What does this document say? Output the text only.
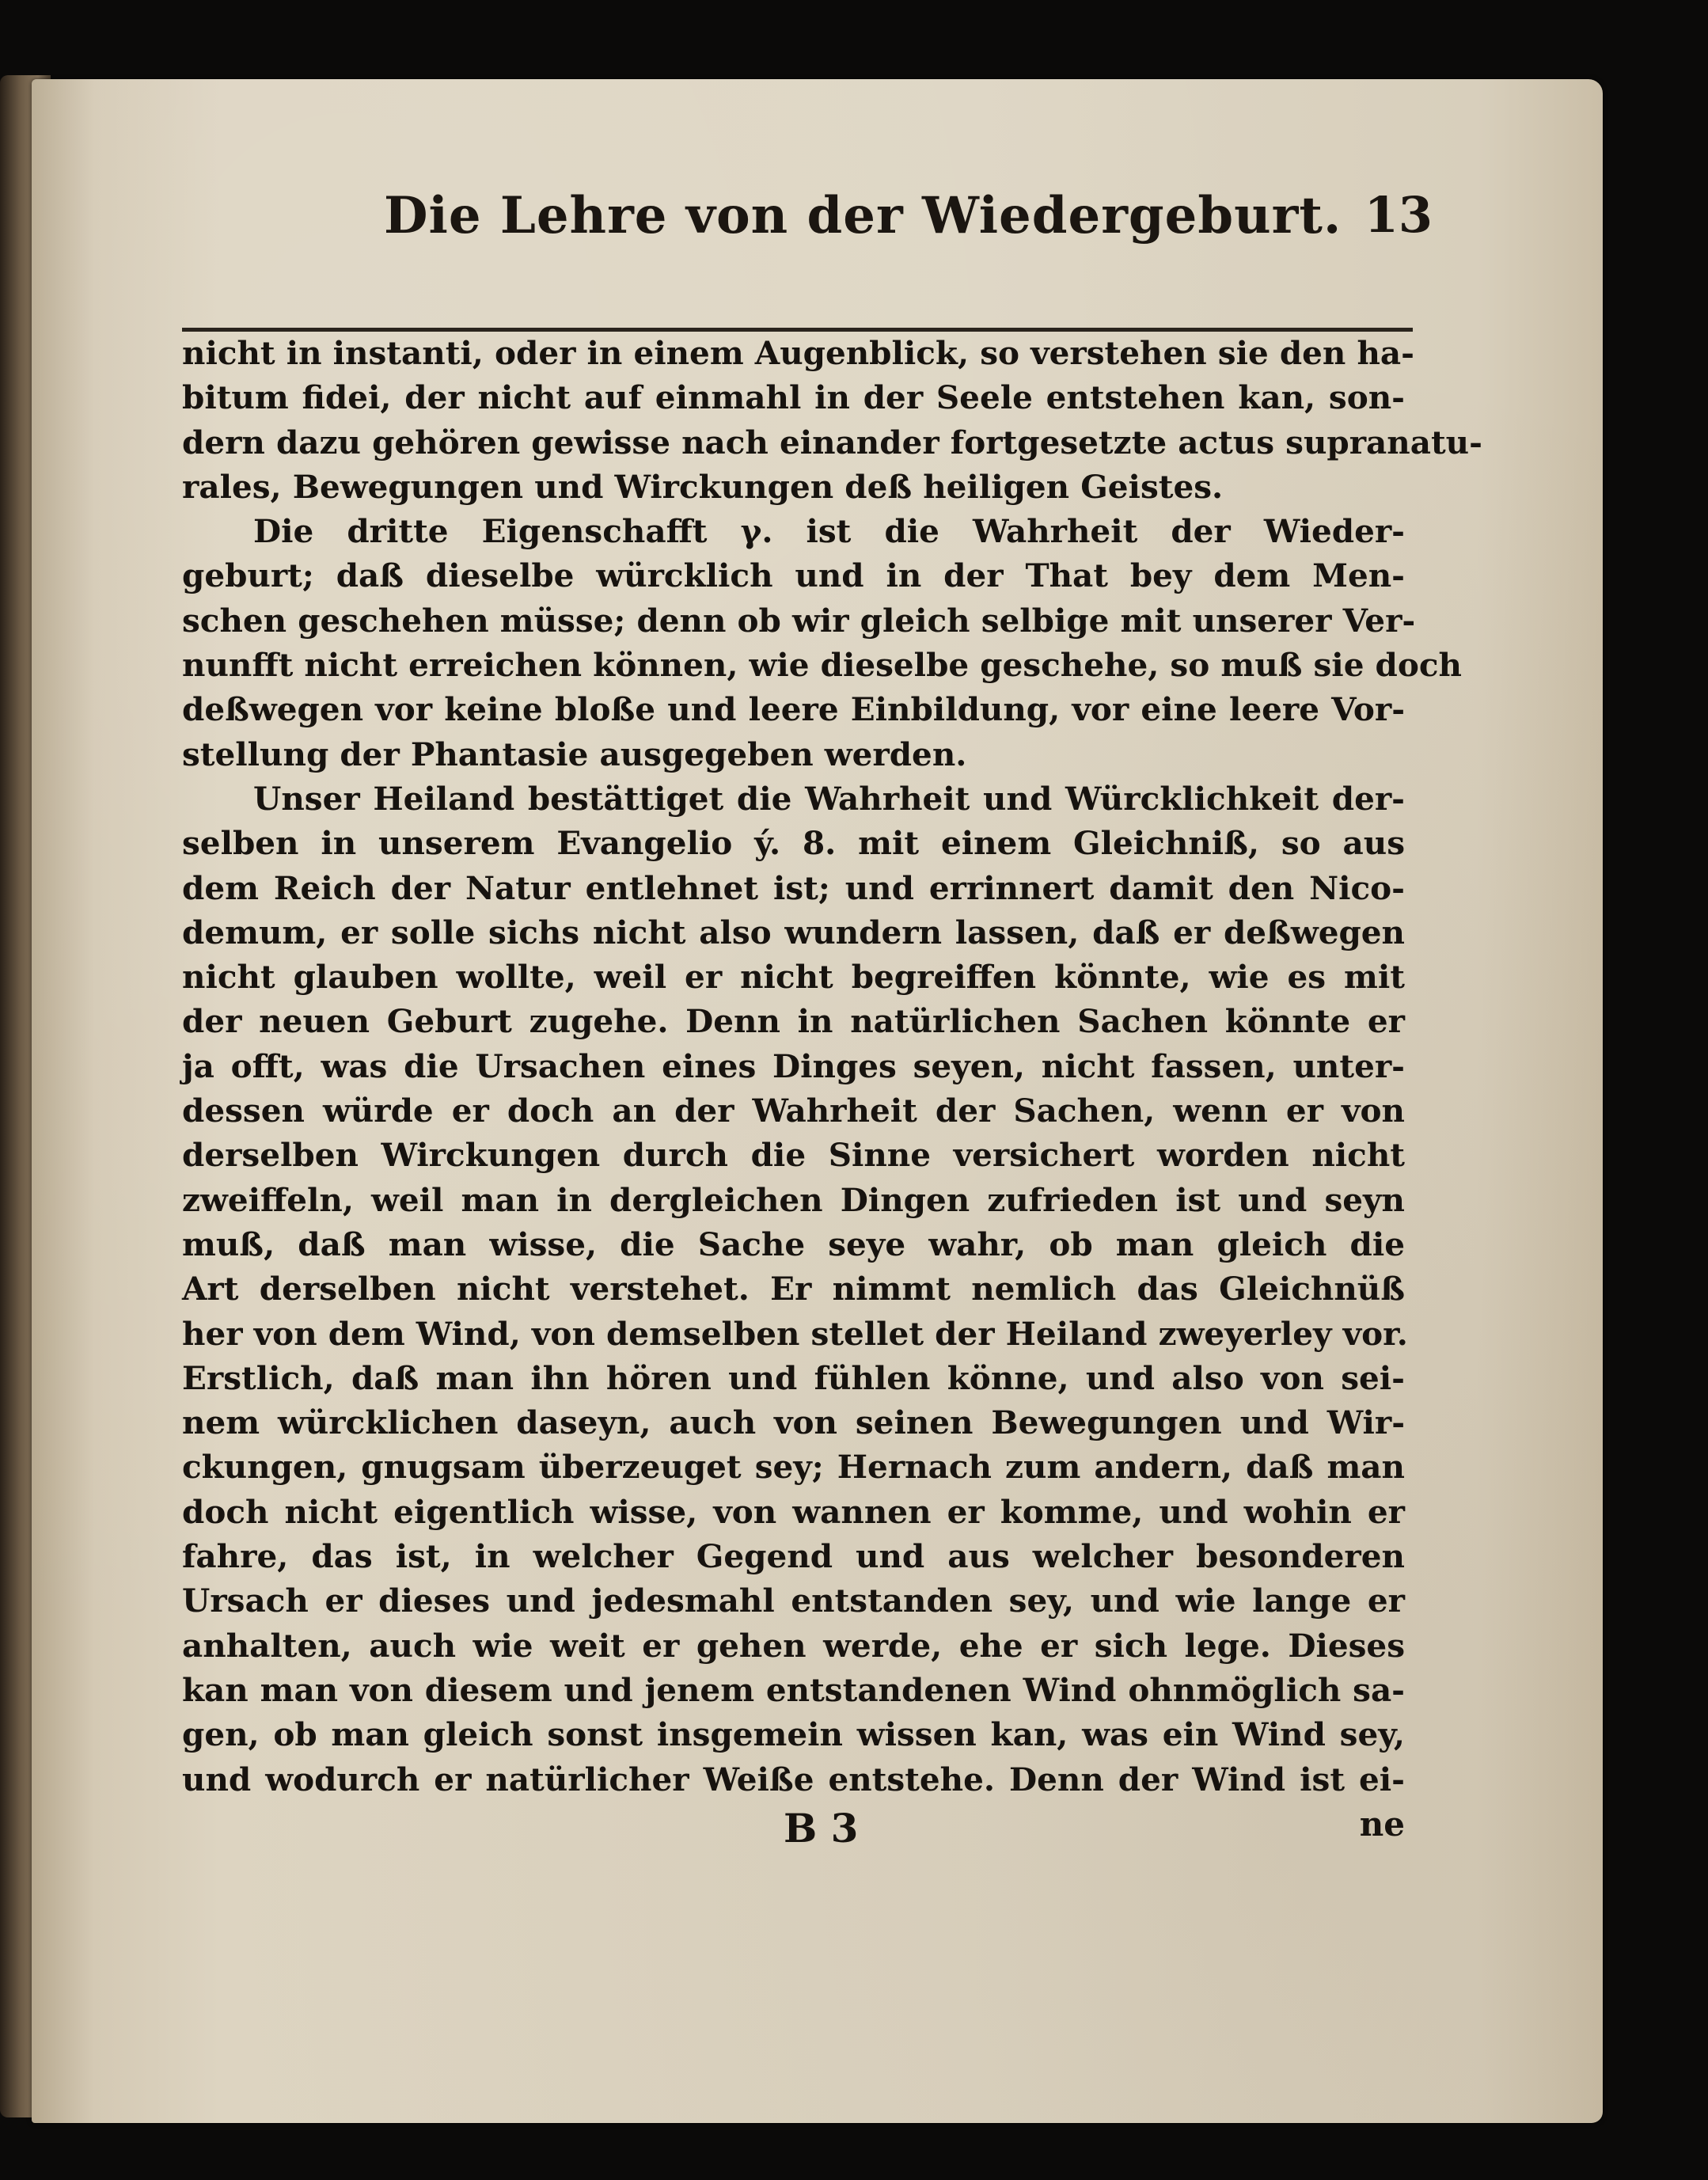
Die Lehre von der Wiedergeburt. 13
nicht in instanti, oder in einem Augenblick, so verstehen sie den ha-
bitum fidei, der nicht auf einmahl in der Seele entstehen kan, son-
dern dazu gehören gewisse nach einander fortgesetzte actus supranatu-
rales, Bewegungen und Wirckungen deß heiligen Geistes.
Die dritte Eigenschafft γ. ist die Wahrheit der Wieder-
geburt; daß dieselbe würcklich und in der That bey dem Men-
schen geschehen müsse; denn ob wir gleich selbige mit unserer Ver-
nunfft nicht erreichen können, wie dieselbe geschehe, so muß sie doch
deßwegen vor keine bloße und leere Einbildung, vor eine leere Vor-
stellung der Phantasie ausgegeben werden.
Unser Heiland bestättiget die Wahrheit und Würcklichkeit der-
selben in unserem Evangelio ý. 8. mit einem Gleichniß, so aus
dem Reich der Natur entlehnet ist; und errinnert damit den Nico-
demum, er solle sichs nicht also wundern lassen, daß er deßwegen
nicht glauben wollte, weil er nicht begreiffen könnte, wie es mit
der neuen Geburt zugehe. Denn in natürlichen Sachen könnte er
ja offt, was die Ursachen eines Dinges seyen, nicht fassen, unter-
dessen würde er doch an der Wahrheit der Sachen, wenn er von
derselben Wirckungen durch die Sinne versichert worden nicht
zweiffeln, weil man in dergleichen Dingen zufrieden ist und seyn
muß, daß man wisse, die Sache seye wahr, ob man gleich die
Art derselben nicht verstehet. Er nimmt nemlich das Gleichnüß
her von dem Wind, von demselben stellet der Heiland zweyerley vor.
Erstlich, daß man ihn hören und fühlen könne, und also von sei-
nem würcklichen daseyn, auch von seinen Bewegungen und Wir-
ckungen, gnugsam überzeuget sey; Hernach zum andern, daß man
doch nicht eigentlich wisse, von wannen er komme, und wohin er
fahre, das ist, in welcher Gegend und aus welcher besonderen
Ursach er dieses und jedesmahl entstanden sey, und wie lange er
anhalten, auch wie weit er gehen werde, ehe er sich lege. Dieses
kan man von diesem und jenem entstandenen Wind ohnmöglich sa-
gen, ob man gleich sonst insgemein wissen kan, was ein Wind sey,
und wodurch er natürlicher Weiße entstehe. Denn der Wind ist ei-
B 3	ne
